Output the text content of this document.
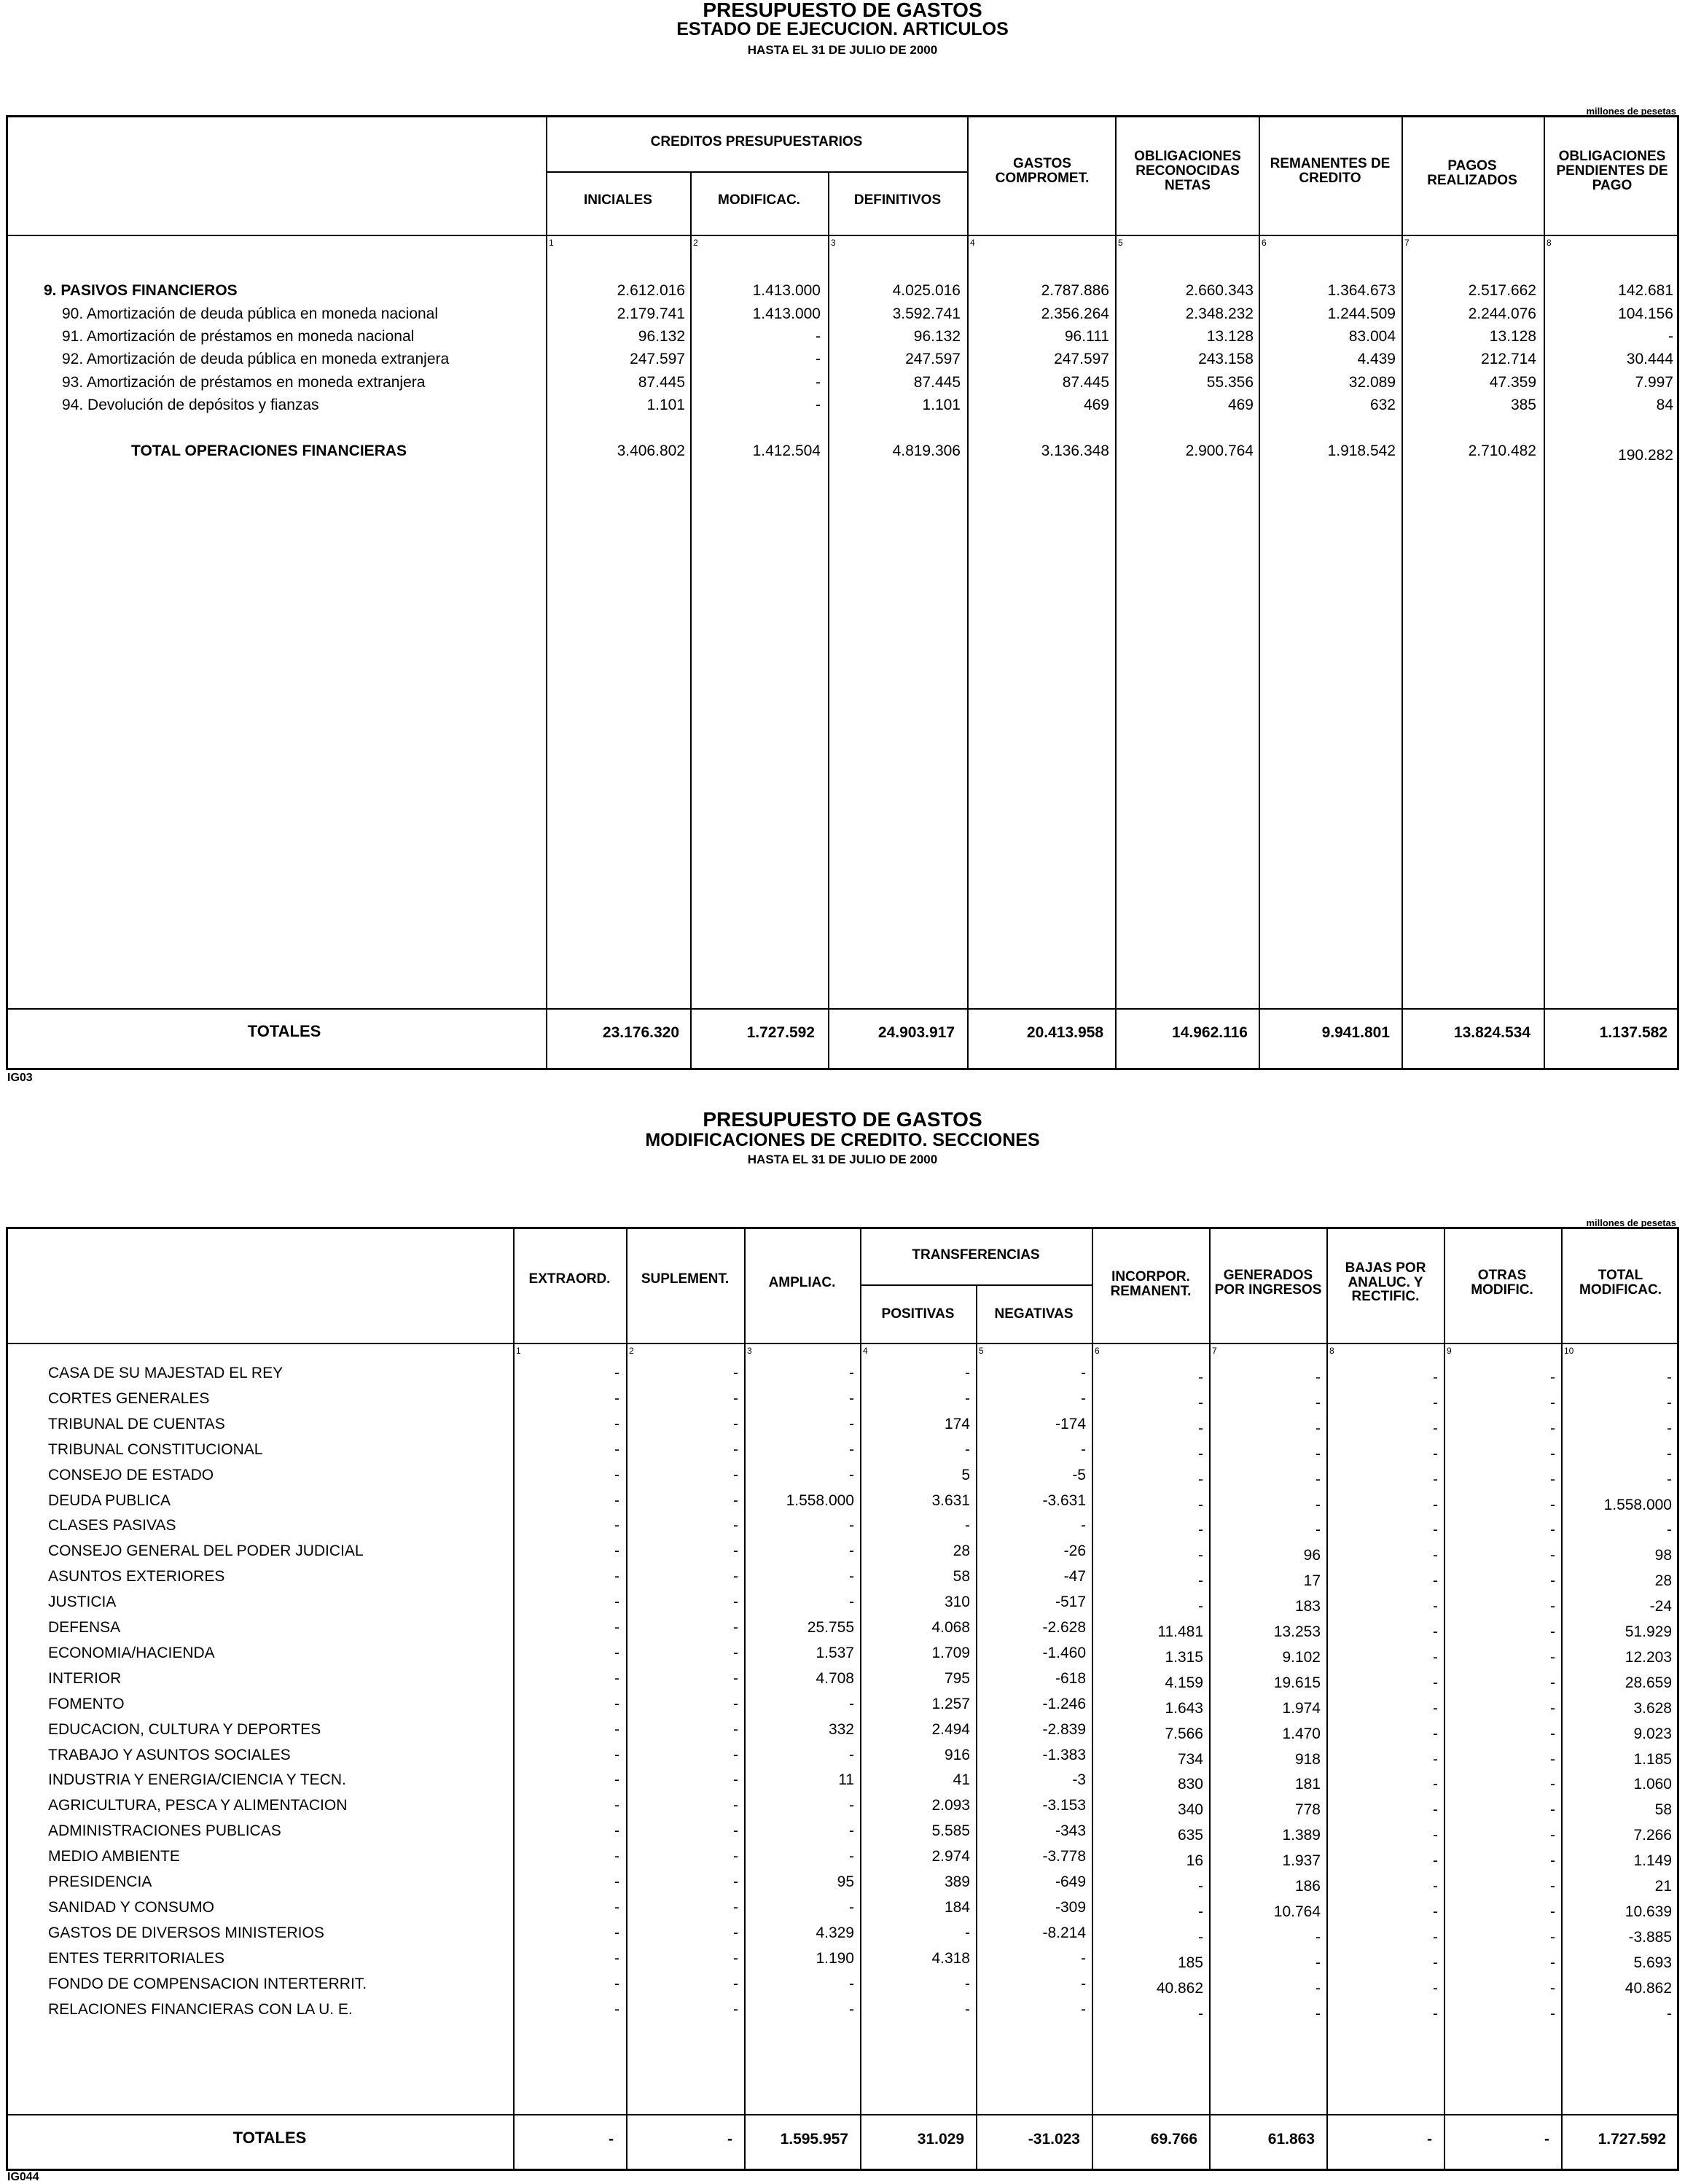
PRESUPUESTO DE GASTOS
ESTADO DE EJECUCION. ARTICULOS
HASTA EL 31 DE JULIO DE 2000
millones de pesetas
CREDITOS PRESUPUESTARIOS
INICIALES	MODIFICAC.	DEFINITIVOS
GASTOS COMPROMET.
OBLIGACIONES RECONOCIDAS NETAS
REMANENTES DE CREDITO
PAGOS REALIZADOS
OBLIGACIONES PENDIENTES DE PAGO
1	2	3	4	5	6	7	8
9. PASIVOS FINANCIEROS	2.612.016	1.413.000	4.025.016	2.787.886	2.660.343	1.364.673	2.517.662	142.681
90. Amortización de deuda pública en moneda nacional	2.179.741	1.413.000	3.592.741	2.356.264	2.348.232	1.244.509	2.244.076	104.156
91. Amortización de préstamos en moneda nacional	96.132	-	96.132	96.111	13.128	83.004	13.128	-
92. Amortización de deuda pública en moneda extranjera	247.597	-	247.597	247.597	243.158	4.439	212.714	30.444
93. Amortización de préstamos en moneda extranjera	87.445	-	87.445	87.445	55.356	32.089	47.359	7.997
94. Devolución de depósitos y fianzas	1.101	-	1.101	469	469	632	385	84
TOTAL OPERACIONES FINANCIERAS	3.406.802	1.412.504	4.819.306	3.136.348	2.900.764	1.918.542	2.710.482	190.282
TOTALES	23.176.320	1.727.592	24.903.917	20.413.958	14.962.116	9.941.801	13.824.534	1.137.582
IG03
PRESUPUESTO DE GASTOS
MODIFICACIONES DE CREDITO. SECCIONES
HASTA EL 31 DE JULIO DE 2000
millones de pesetas
EXTRAORD.	SUPLEMENT.	AMPLIAC.
TRANSFERENCIAS
POSITIVAS	NEGATIVAS
INCORPOR. REMANENT.
GENERADOS POR INGRESOS
BAJAS POR ANALUC. Y RECTIFIC.
OTRAS MODIFIC.
TOTAL MODIFICAC.
1	2	3	4	5	6	7	8	9	10
CASA DE SU MAJESTAD EL REY	-	-	-	-	-	-	-	-	-	-
CORTES GENERALES	-	-	-	-	-	-	-	-	-	-
TRIBUNAL DE CUENTAS	-	-	-	174	-174	-	-	-	-	-
TRIBUNAL CONSTITUCIONAL	-	-	-	-	-	-	-	-	-	-
CONSEJO DE ESTADO	-	-	-	5	-5	-	-	-	-	-
DEUDA PUBLICA	-	-	1.558.000	3.631	-3.631	-	-	-	-	1.558.000
CLASES PASIVAS	-	-	-	-	-	-	-	-	-	-
CONSEJO GENERAL DEL PODER JUDICIAL	-	-	-	28	-26	-	96	-	-	98
ASUNTOS EXTERIORES	-	-	-	58	-47	-	17	-	-	28
JUSTICIA	-	-	-	310	-517	-	183	-	-	-24
DEFENSA	-	-	25.755	4.068	-2.628	11.481	13.253	-	-	51.929
ECONOMIA/HACIENDA	-	-	1.537	1.709	-1.460	1.315	9.102	-	-	12.203
INTERIOR	-	-	4.708	795	-618	4.159	19.615	-	-	28.659
FOMENTO	-	-	-	1.257	-1.246	1.643	1.974	-	-	3.628
EDUCACION, CULTURA Y DEPORTES	-	-	332	2.494	-2.839	7.566	1.470	-	-	9.023
TRABAJO Y ASUNTOS SOCIALES	-	-	-	916	-1.383	734	918	-	-	1.185
INDUSTRIA Y ENERGIA/CIENCIA Y TECN.	-	-	11	41	-3	830	181	-	-	1.060
AGRICULTURA, PESCA Y ALIMENTACION	-	-	-	2.093	-3.153	340	778	-	-	58
ADMINISTRACIONES PUBLICAS	-	-	-	5.585	-343	635	1.389	-	-	7.266
MEDIO AMBIENTE	-	-	-	2.974	-3.778	16	1.937	-	-	1.149
PRESIDENCIA	-	-	95	389	-649	-	186	-	-	21
SANIDAD Y CONSUMO	-	-	-	184	-309	-	10.764	-	-	10.639
GASTOS DE DIVERSOS MINISTERIOS	-	-	4.329	-	-8.214	-	-	-	-	-3.885
ENTES TERRITORIALES	-	-	1.190	4.318	-	185	-	-	-	5.693
FONDO DE COMPENSACION INTERTERRIT.	-	-	-	-	-	40.862	-	-	-	40.862
RELACIONES FINANCIERAS CON LA U. E.	-	-	-	-	-	-	-	-	-	-
TOTALES	-	-	1.595.957	31.029	-31.023	69.766	61.863	-	-	1.727.592
IG044
